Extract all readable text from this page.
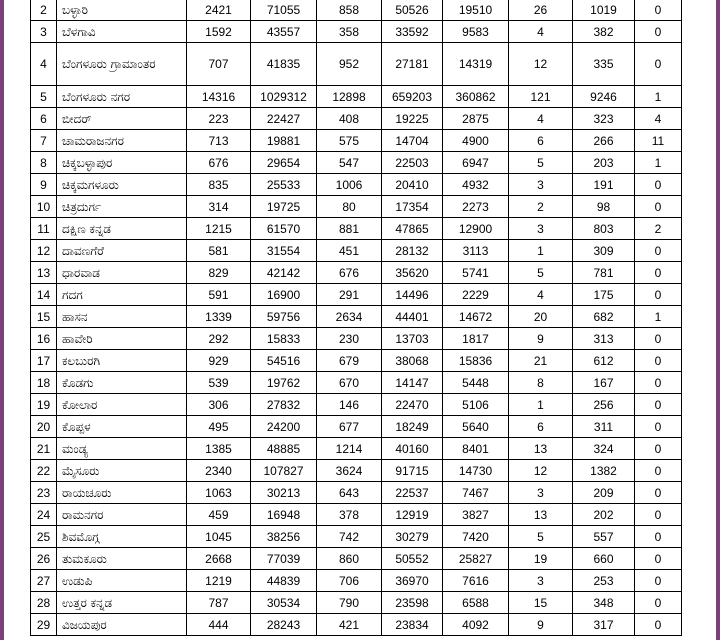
2	ಬಳ್ಳಾರಿ	2421	71055	858	50526	19510	26	1019	0
3	ಬೆಳಗಾವಿ	1592	43557	358	33592	9583	4	382	0
4	ಬೆಂಗಳೂರು ಗ್ರಾಮಾಂತರ	707	41835	952	27181	14319	12	335	0
5	ಬೆಂಗಳೂರು ನಗರ	14316	1029312	12898	659203	360862	121	9246	1
6	ಬೀದರ್	223	22427	408	19225	2875	4	323	4
7	ಚಾಮರಾಜನಗರ	713	19881	575	14704	4900	6	266	11
8	ಚಿಕ್ಕಬಳ್ಳಾಪುರ	676	29654	547	22503	6947	5	203	1
9	ಚಿಕ್ಕಮಗಳೂರು	835	25533	1006	20410	4932	3	191	0
10	ಚಿತ್ರದುರ್ಗ	314	19725	80	17354	2273	2	98	0
11	ದಕ್ಷಿಣ ಕನ್ನಡ	1215	61570	881	47865	12900	3	803	2
12	ದಾವಣಗೆರೆ	581	31554	451	28132	3113	1	309	0
13	ಧಾರವಾಡ	829	42142	676	35620	5741	5	781	0
14	ಗದಗ	591	16900	291	14496	2229	4	175	0
15	ಹಾಸನ	1339	59756	2634	44401	14672	20	682	1
16	ಹಾವೇರಿ	292	15833	230	13703	1817	9	313	0
17	ಕಲಬುರಗಿ	929	54516	679	38068	15836	21	612	0
18	ಕೊಡಗು	539	19762	670	14147	5448	8	167	0
19	ಕೋಲಾರ	306	27832	146	22470	5106	1	256	0
20	ಕೊಪ್ಪಳ	495	24200	677	18249	5640	6	311	0
21	ಮಂಡ್ಯ	1385	48885	1214	40160	8401	13	324	0
22	ಮೈಸೂರು	2340	107827	3624	91715	14730	12	1382	0
23	ರಾಯಚೂರು	1063	30213	643	22537	7467	3	209	0
24	ರಾಮನಗರ	459	16948	378	12919	3827	13	202	0
25	ಶಿವಮೊಗ್ಗ	1045	38256	742	30279	7420	5	557	0
26	ತುಮಕೂರು	2668	77039	860	50552	25827	19	660	0
27	ಉಡುಪಿ	1219	44839	706	36970	7616	3	253	0
28	ಉತ್ತರ ಕನ್ನಡ	787	30534	790	23598	6588	15	348	0
29	ವಿಜಯಪುರ	444	28243	421	23834	4092	9	317	0
